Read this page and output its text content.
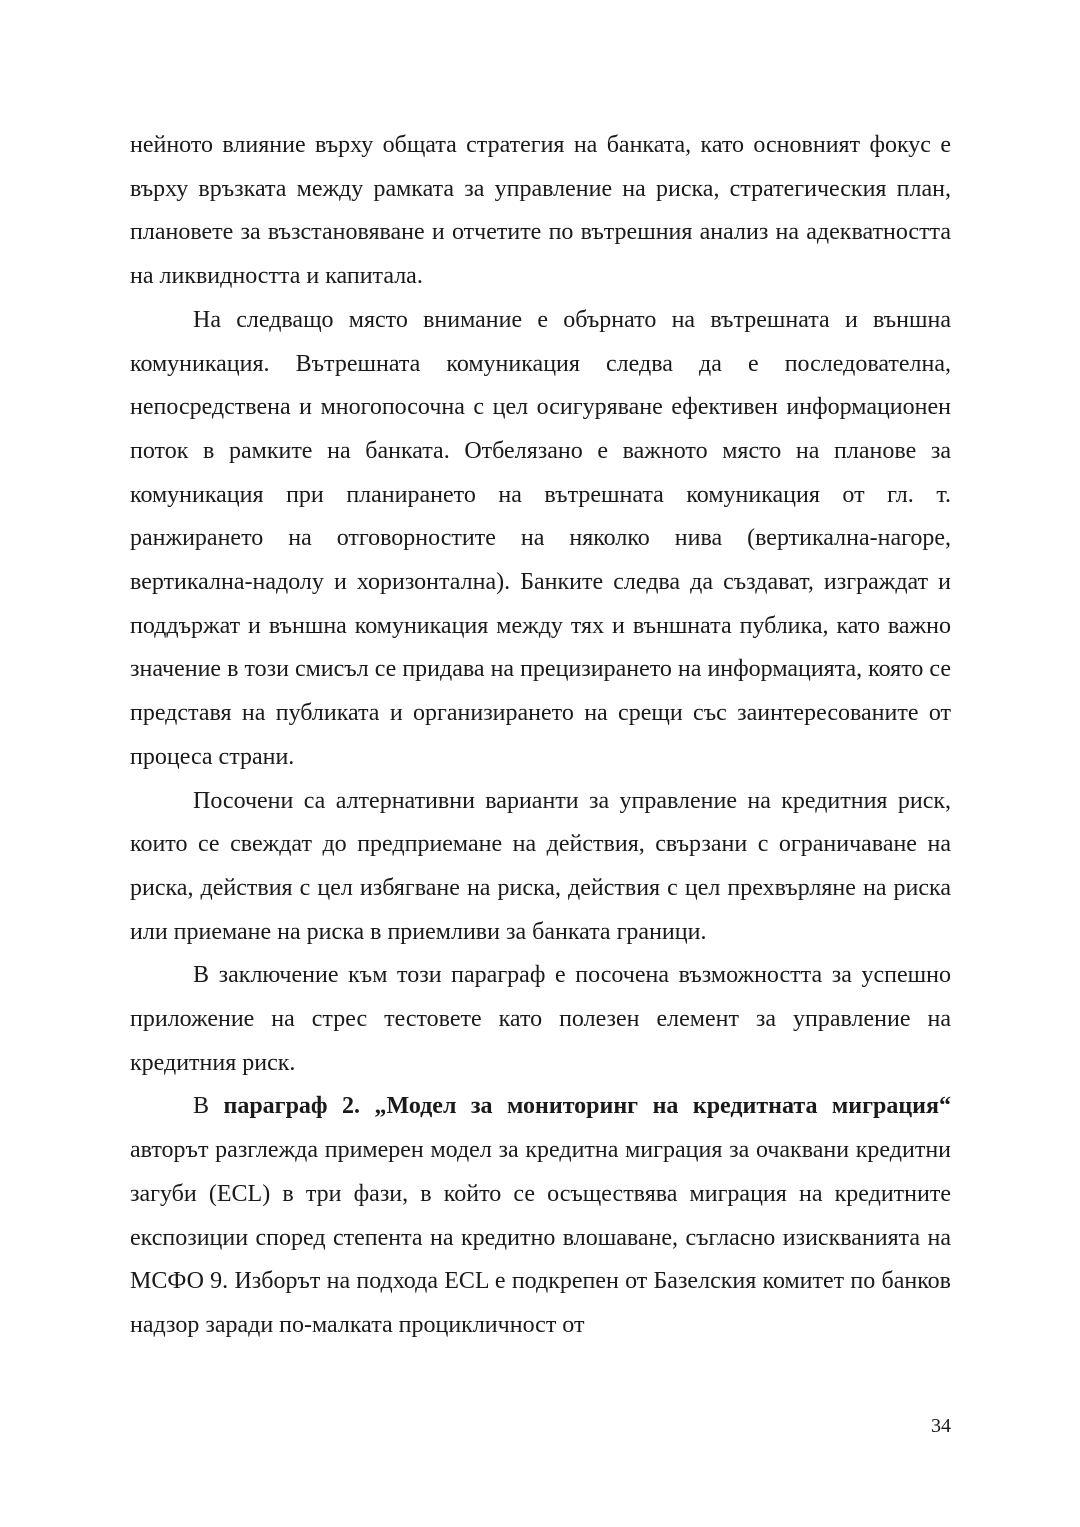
нейното влияние върху общата стратегия на банката, като основният фокус е върху връзката между рамката за управление на риска, стратегическия план, плановете за възстановяване и отчетите по вътрешния анализ на адекватността на ликвидността и капитала.

На следващо място внимание е обърнато на вътрешната и външна комуникация. Вътрешната комуникация следва да е последователна, непосредствена и многопосочна с цел осигуряване ефективен информационен поток в рамките на банката. Отбелязано е важното място на планове за комуникация при планирането на вътрешната комуникация от гл. т. ранжирането на отговорностите на няколко нива (вертикална-нагоре, вертикална-надолу и хоризонтална). Банките следва да създават, изграждат и поддържат и външна комуникация между тях и външната публика, като важно значение в този смисъл се придава на прецизирането на информацията, която се представя на публиката и организирането на срещи със заинтересованите от процеса страни.

Посочени са алтернативни варианти за управление на кредитния риск, които се свеждат до предприемане на действия, свързани с ограничаване на риска, действия с цел избягване на риска, действия с цел прехвърляне на риска или приемане на риска в приемливи за банката граници.

В заключение към този параграф е посочена възможността за успешно приложение на стрес тестовете като полезен елемент за управление на кредитния риск.

В параграф 2. „Модел за мониторинг на кредитната миграция“ авторът разглежда примерен модел за кредитна миграция за очаквани кредитни загуби (ECL) в три фази, в който се осъществява миграция на кредитните експозиции според степента на кредитно влошаване, съгласно изискванията на МСФО 9. Изборът на подхода ECL е подкрепен от Базелския комитет по банков надзор заради по-малката процикличност от

34
